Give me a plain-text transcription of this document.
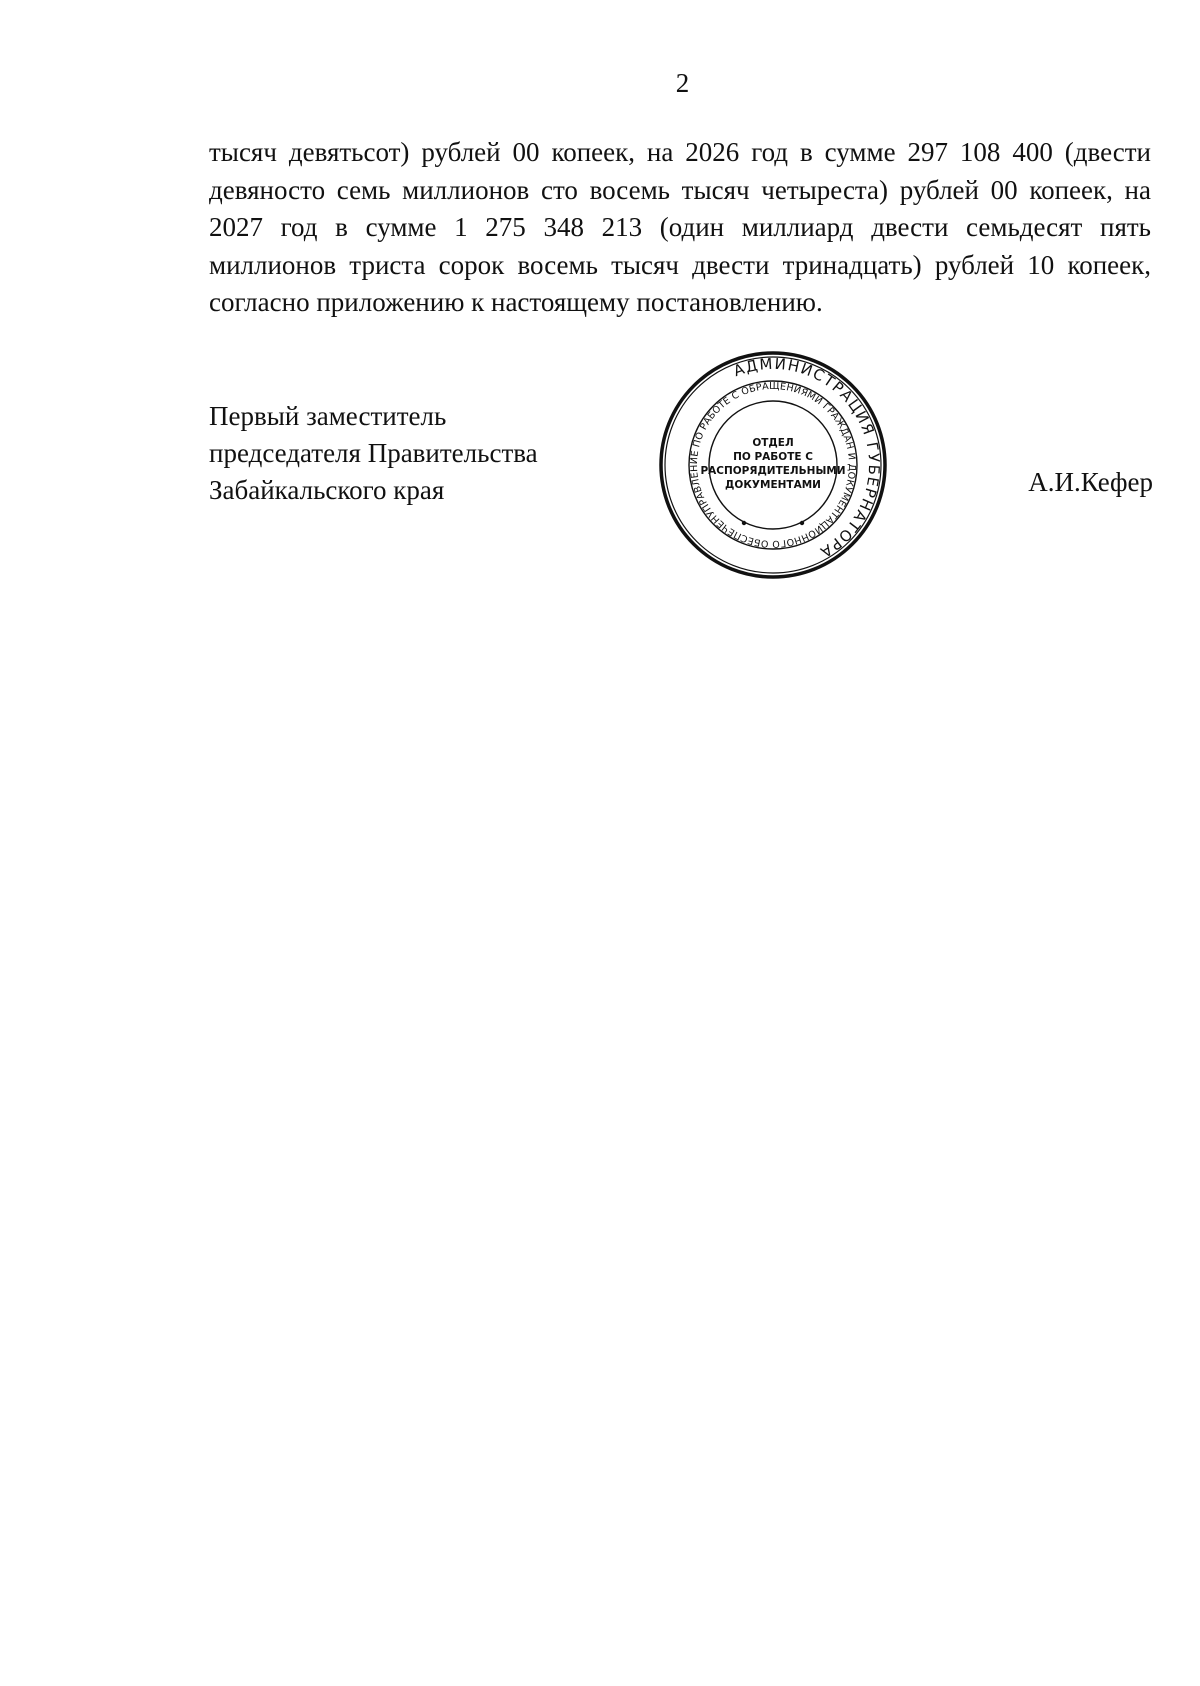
2
тысяч девятьсот) рублей 00 копеек, на 2026 год в сумме 297 108 400 (двести
девяносто семь миллионов сто восемь тысяч четыреста) рублей 00 копеек, на
2027 год в сумме 1 275 348 213 (один миллиард двести семьдесят пять
миллионов триста сорок восемь тысяч двести тринадцать) рублей 10 копеек,
согласно приложению к настоящему постановлению.
Первый заместитель
председателя Правительства
Забайкальского края
АДМИНИСТРАЦИЯ ГУБЕРНАТОРА
УПРАВЛЕНИЕ ПО РАБОТЕ С ОБРАЩЕНИЯМИ ГРАЖДАН И ДОКУМЕНТАЦИОННОГО ОБЕСПЕЧЕНИЯ	ОТДЕЛ
ПО РАБОТЕ С
РАСПОРЯДИТЕЛЬНЫМИ
ДОКУМЕНТАМИ	А.И.Кефер
